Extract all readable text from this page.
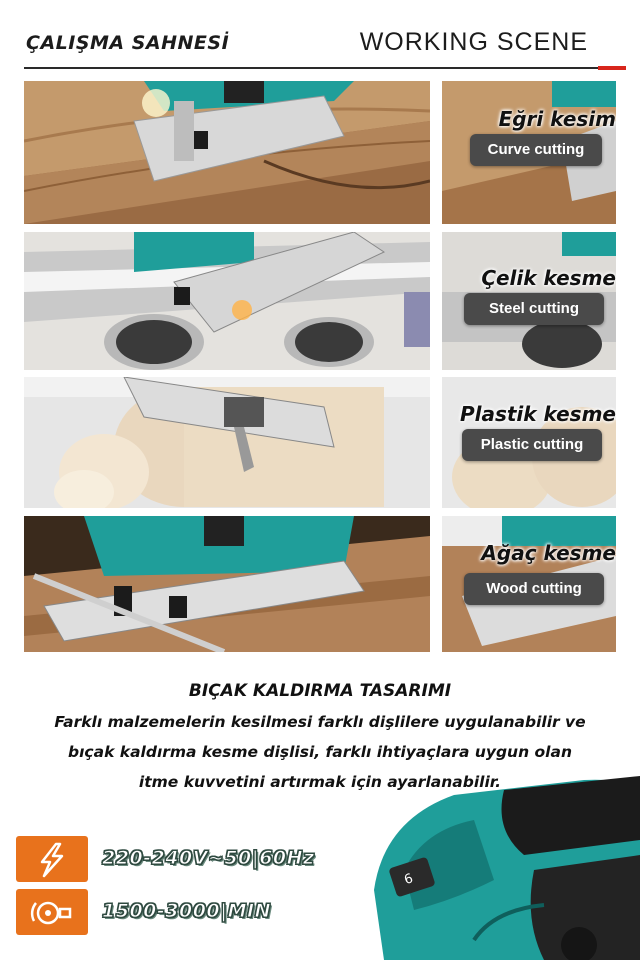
ÇALIŞMA SAHNESİ	WORKING SCENE
Eğri kesim
Curve cutting
Çelik kesme
Steel cutting
Plastik kesme
Plastic cutting
Ağaç kesme
Wood cutting
BIÇAK KALDIRMA TASARIMI
Farklı malzemelerin kesilmesi farklı dişlilere uygulanabilir ve
bıçak kaldırma kesme dişlisi, farklı ihtiyaçlara uygun olan
itme kuvvetini artırmak için ayarlanabilir.
220-240V~50|60Hz
1500-3000|MIN
6
